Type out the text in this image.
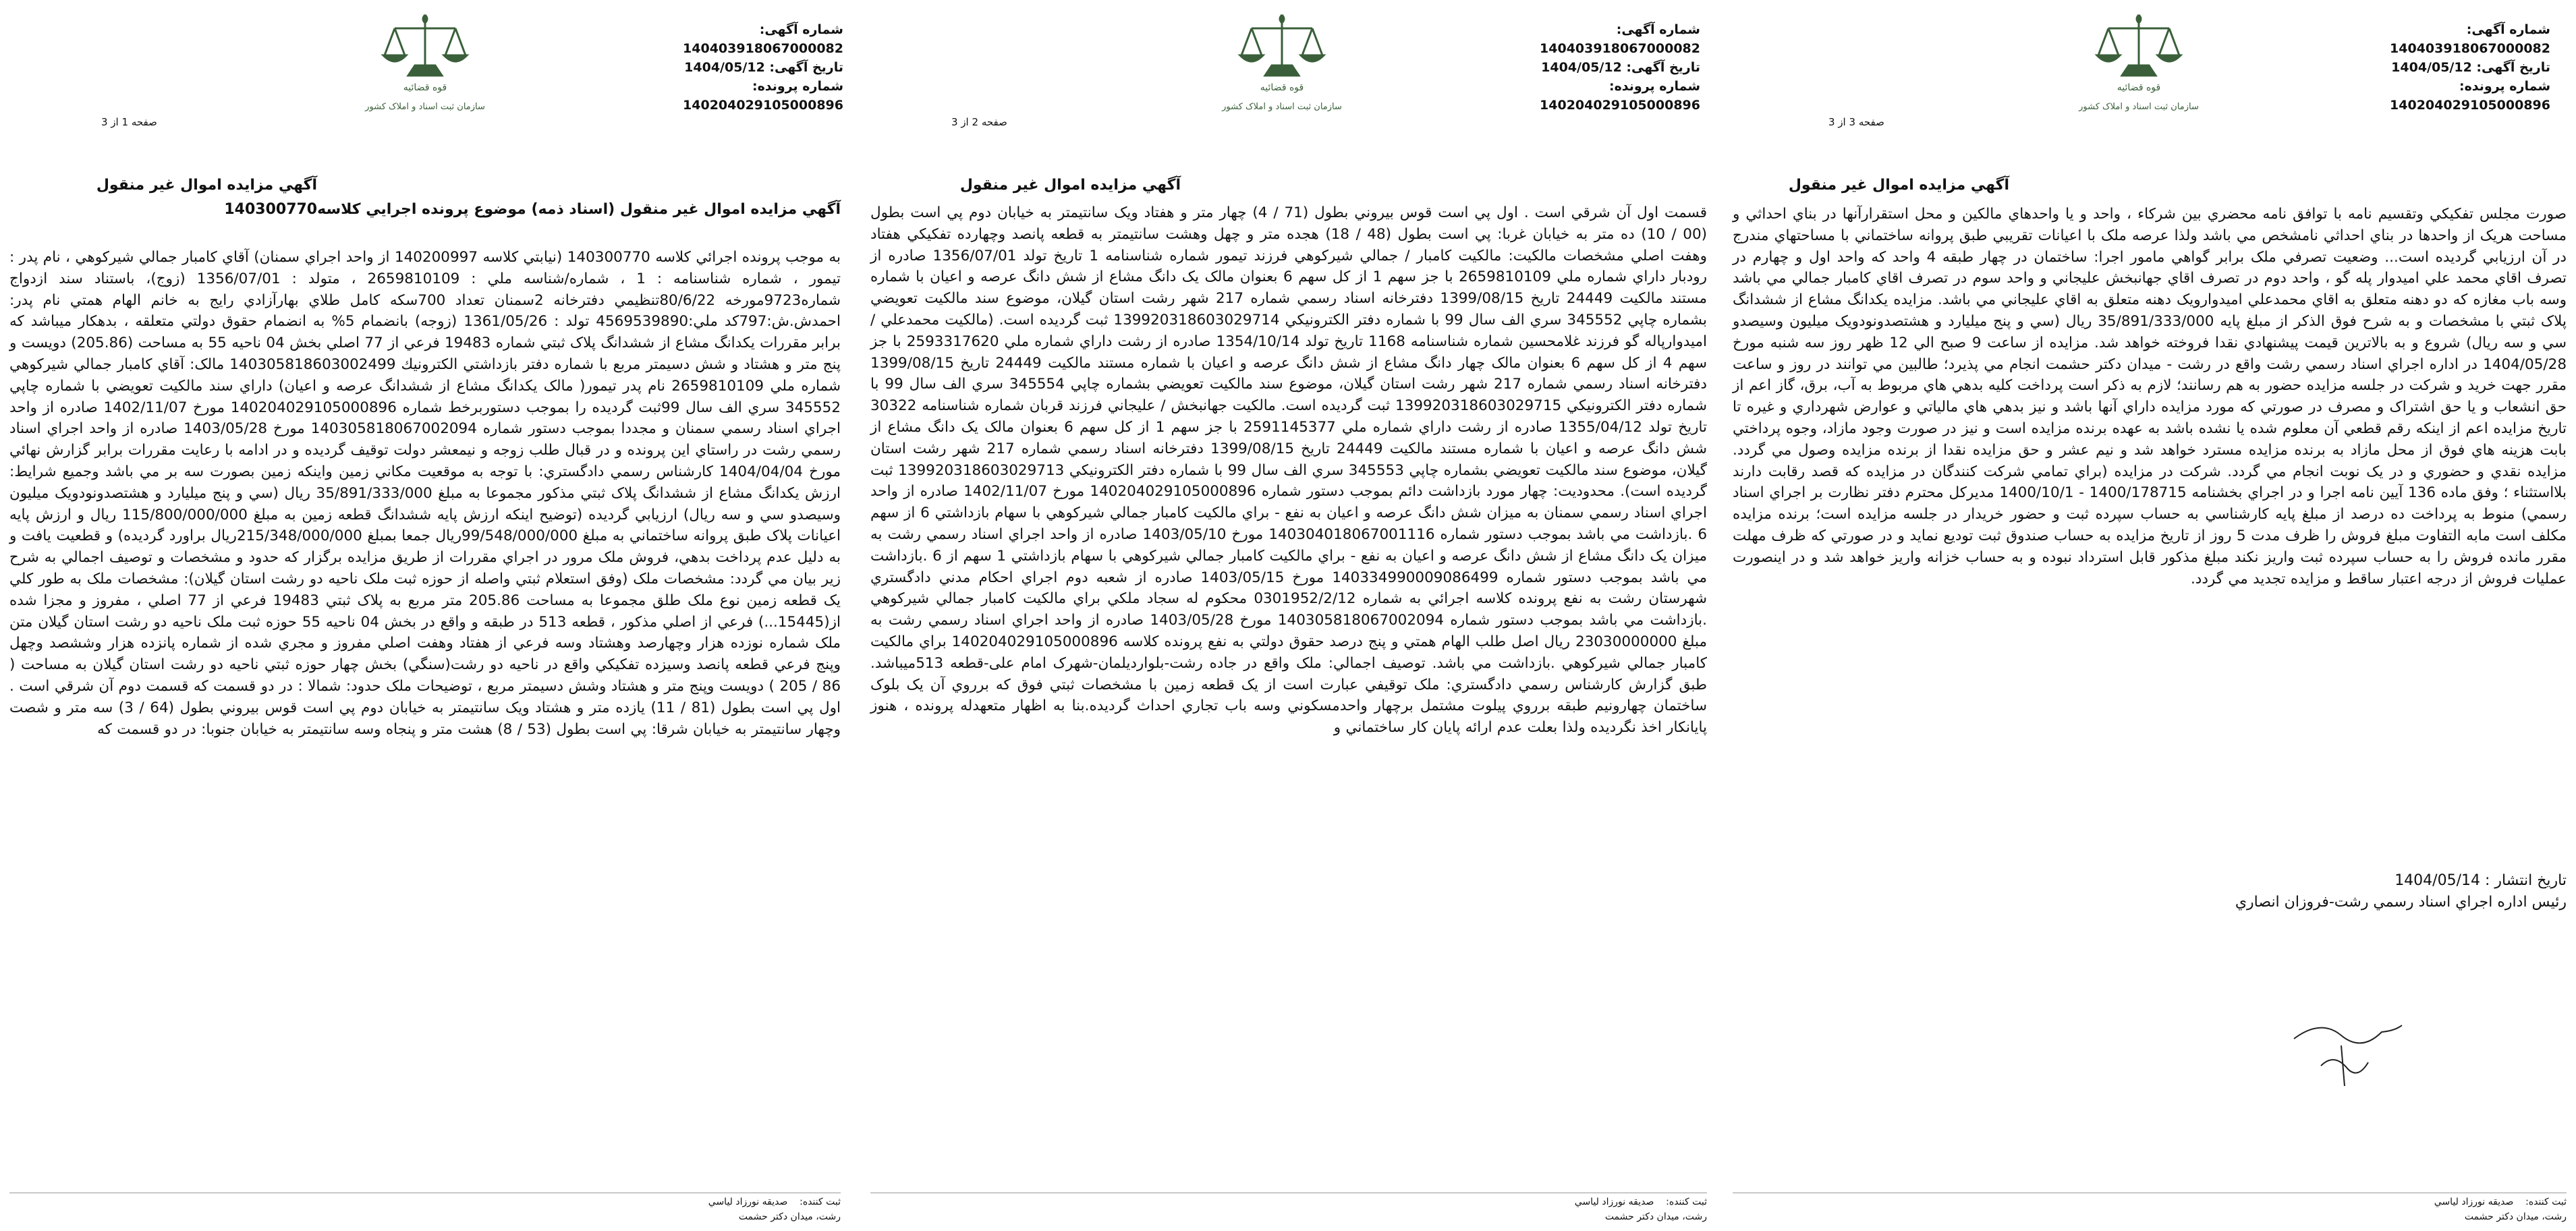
شماره آگهی: 140403918067000082
تاریخ آگهی: 1404/05/12
شماره پرونده: 140204029105000896
قوه قضائيه
سازمان ثبت اسناد و املاک کشور
صفحه 1 از 3
آگهي مزايده اموال غير منقول
آگهي مزايده اموال غير منقول (اسناد ذمه) موضوع پرونده اجرايي كلاسه140300770
به موجب پرونده اجرائي كلاسه 140300770 (نيابتي كلاسه 140200997 از واحد اجراي سمنان) آقاي كامبار جمالي شيركوهي ، نام پدر : تيمور ، شماره شناسنامه : 1 ، شماره/شناسه ملي : 2659810109 ، متولد : 1356/07/01 (زوج)، باستناد سند ازدواج شماره9723مورخه 80/6/22تنظيمي دفترخانه 2سمنان تعداد 700سكه كامل طلاي بهارآزادي رايج به خانم الهام همتي نام پدر: احمدش.ش:797كد ملي:4569539890 تولد : 1361/05/26 (زوجه) بانضمام 5% به انضمام حقوق دولتي متعلقه ، بدهكار ميباشد كه برابر مقررات يكدانگ مشاع از ششدانگ پلاک ثبتي شماره 19483 فرعي از 77 اصلي بخش 04 ناحيه 55 به مساحت (205.86) دويست و پنج متر و هشتاد و شش دسيمتر مربع با شماره دفتر بازداشتي الكترونيك 140305818603002499 مالک: آقاي كامبار جمالي شيركوهي شماره ملي 2659810109 نام پدر تيمور( مالک يكدانگ مشاع از ششدانگ عرصه و اعيان) داراي سند مالكيت تعويضي با شماره چاپي 345552 سري الف سال 99ثبت گرديده را بموجب دستوربرخط شماره 140204029105000896 مورخ 1402/11/07 صادره از واحد اجراي اسناد رسمي سمنان و مجددا بموجب دستور شماره 140305818067002094 مورخ 1403/05/28 صادره از واحد اجراي اسناد رسمي رشت در راستاي اين پرونده و در قبال طلب زوجه و نيمعشر دولت توقيف گرديده و در ادامه با رعايت مقررات برابر گزارش نهائي مورخ 1404/04/04 كارشناس رسمي دادگستري: با توجه به موقعيت مكاني زمين واينكه زمين بصورت سه بر مي باشد وجميع شرايط: ارزش يكدانگ مشاع از ششدانگ پلاک ثبتي مذكور مجموعا به مبلغ 35/891/333/000 ريال (سي و پنج ميليارد و هشتصدونودويک ميليون وسيصدو سي و سه ريال) ارزيابي گرديده (توضيح اينكه ارزش پايه ششدانگ قطعه زمين به مبلغ 115/800/000/000 ريال و ارزش پايه اعيانات پلاک طبق پروانه ساختماني به مبلغ 99/548/000/000ريال جمعا بمبلغ 215/348/000/000ريال براورد گرديده) و قطعيت يافت و به دليل عدم پرداخت بدهي، فروش ملک مرور در اجراي مقررات از طريق مزايده برگزار كه حدود و مشخصات و توصيف اجمالي به شرح زير بيان مي گردد: مشخصات ملک (وفق استعلام ثبتي واصله از حوزه ثبت ملک ناحيه دو رشت استان گيلان): مشخصات ملک به طور كلي يک قطعه زمين نوع ملک طلق مجموعا به مساحت 205.86 متر مربع به پلاک ثبتي 19483 فرعي از 77 اصلي ، مفروز و مجزا شده از(15445...) فرعي از اصلي مذكور ، قطعه 513 در طبقه و واقع در بخش 04 ناحيه 55 حوزه ثبت ملک ناحيه دو رشت استان گيلان متن ملک شماره نوزده هزار وچهارصد وهشتاد وسه فرعي از هفتاد وهفت اصلي مفروز و مجري شده از شماره پانزده هزار وششصد وچهل وپنج فرعي قطعه پانصد وسيزده تفكيكي واقع در ناحيه دو رشت(سنگي) بخش چهار حوزه ثبتي ناحيه دو رشت استان گيلان به مساحت ( 86 / 205 ) دويست وپنج متر و هشتاد وشش دسيمتر مربع ، توضيحات ملک حدود: شمالا : در دو قسمت كه قسمت دوم آن شرقي است . اول پي است بطول (81 / 11) يازده متر و هشتاد ويک سانتيمتر به خيابان دوم پي است قوس بيروني بطول (64 / 3) سه متر و شصت وچهار سانتيمتر به خيابان شرقا: پي است بطول (53 / 8) هشت متر و پنجاه وسه سانتيمتر به خيابان جنوبا: در دو قسمت كه
ثبت كننده:    صديقه نورزاد لياسي
رشت، ميدان دكتر حشمت
شماره آگهی: 140403918067000082
تاریخ آگهی: 1404/05/12
شماره پرونده: 140204029105000896
قوه قضائيه
سازمان ثبت اسناد و املاک کشور
صفحه 2 از 3
آگهي مزايده اموال غير منقول
قسمت اول آن شرقي است . اول پي است قوس بيروني بطول (71 / 4) چهار متر و هفتاد ويک سانتيمتر به خيابان دوم پي است بطول (00 / 10) ده متر به خيابان غربا: پي است بطول (48 / 18) هجده متر و چهل وهشت سانتيمتر به قطعه پانصد وچهارده تفكيكي هفتاد وهفت اصلي مشخصات مالكيت: مالكيت كامبار / جمالي شيركوهي فرزند تيمور شماره شناسنامه 1 تاريخ تولد 1356/07/01 صادره از رودبار داراي شماره ملي 2659810109 با جز سهم 1 از کل سهم 6 بعنوان مالک يک دانگ مشاع از شش دانگ عرصه و اعيان با شماره مستند مالكيت 24449 تاريخ 1399/08/15 دفترخانه اسناد رسمي شماره 217 شهر رشت استان گيلان، موضوع سند مالكيت تعويضي بشماره چاپي 345552 سري الف سال 99 با شماره دفتر الكترونيكي 139920318603029714 ثبت گرديده است. (مالكيت محمدعلي / اميدوارپاله گو فرزند غلامحسين شماره شناسنامه 1168 تاريخ تولد 1354/10/14 صادره از رشت داراي شماره ملي 2593317620 با جز سهم 4 از کل سهم 6 بعنوان مالک چهار دانگ مشاع از شش دانگ عرصه و اعيان با شماره مستند مالكيت 24449 تاريخ 1399/08/15 دفترخانه اسناد رسمي شماره 217 شهر رشت استان گيلان، موضوع سند مالكيت تعويضي بشماره چاپي 345554 سري الف سال 99 با شماره دفتر الكترونيكي 139920318603029715 ثبت گرديده است. مالكيت جهانبخش / عليجاني فرزند قربان شماره شناسنامه 30322 تاريخ تولد 1355/04/12 صادره از رشت داراي شماره ملي 2591145377 با جز سهم 1 از کل سهم 6 بعنوان مالک يک دانگ مشاع از شش دانگ عرصه و اعيان با شماره مستند مالكيت 24449 تاريخ 1399/08/15 دفترخانه اسناد رسمي شماره 217 شهر رشت استان گيلان، موضوع سند مالكيت تعويضي بشماره چاپي 345553 سري الف سال 99 با شماره دفتر الكترونيكي 139920318603029713 ثبت گرديده است). محدوديت: چهار مورد بازداشت دائم بموجب دستور شماره 140204029105000896 مورخ 1402/11/07 صادره از واحد اجراي اسناد رسمي سمنان به ميزان شش دانگ عرصه و اعيان به نفع - براي مالكيت كامبار جمالي شيركوهي با سهام بازداشتي 6 از سهم 6 .بازداشت مي باشد بموجب دستور شماره 140304018067001116 مورخ 1403/05/10 صادره از واحد اجراي اسناد رسمي رشت به ميزان يک دانگ مشاع از شش دانگ عرصه و اعيان به نفع - براي مالكيت كامبار جمالي شيركوهي با سهام بازداشتي 1 سهم از 6 .بازداشت مي باشد بموجب دستور شماره 140334990009086499 مورخ 1403/05/15 صادره از شعبه دوم اجراي احكام مدني دادگستري شهرستان رشت به نفع پرونده كلاسه اجرائي به شماره 0301952/2/12 محكوم له سجاد ملكي براي مالكيت كامبار جمالي شيركوهي .بازداشت مي باشد بموجب دستور شماره 140305818067002094 مورخ 1403/05/28 صادره از واحد اجراي اسناد رسمي رشت به مبلغ 23030000000 ريال اصل طلب الهام همتي و پنج درصد حقوق دولتي به نفع پرونده كلاسه 140204029105000896 براي مالكيت كامبار جمالي شيركوهي .بازداشت مي باشد. توصيف اجمالي: ملک واقع در جاده رشت-بلواردیلمان-شهرک امام علی-قطعه 513میباشد. طبق گزارش كارشناس رسمي دادگستري: ملک توقيفي عبارت است از يک قطعه زمين با مشخصات ثبتي فوق كه برروي آن يک بلوک ساختمان چهارونيم طبقه برروي پيلوت مشتمل برچهار واحدمسكوني وسه باب تجاري احداث گرديده.بنا به اظهار متعهدله پرونده ، هنوز پايانكار اخذ نگرديده ولذا بعلت عدم ارائه پايان كار ساختماني و
ثبت كننده:    صديقه نورزاد لياسي
رشت، ميدان دكتر حشمت
شماره آگهی: 140403918067000082
تاریخ آگهی: 1404/05/12
شماره پرونده: 140204029105000896
قوه قضائيه
سازمان ثبت اسناد و املاک کشور
صفحه 3 از 3
آگهي مزايده اموال غير منقول
صورت مجلس تفكيكي وتقسيم نامه با توافق نامه محضري بين شركاء ، واحد و يا واحدهاي مالكين و محل استقرارآنها در بناي احداثي و مساحت هريک از واحدها در بناي احداثي نامشخص مي باشد ولذا عرصه ملک با اعيانات تقريبي طبق پروانه ساختماني با مساحتهاي مندرج در آن ارزيابي گرديده است... وضعيت تصرفي ملک برابر گواهي مامور اجرا: ساختمان در چهار طبقه 4 واحد كه واحد اول و چهارم در تصرف اقاي محمد علي اميدوار پله گو ، واحد دوم در تصرف اقاي جهانبخش عليجاني و واحد سوم در تصرف اقاي كامبار جمالي مي باشد وسه باب مغازه كه دو دهنه متعلق به اقاي محمدعلي اميدوارويک دهنه متعلق به اقاي عليجاني مي باشد. مزايده يكدانگ مشاع از ششدانگ پلاک ثبتي با مشخصات و به شرح فوق الذكر از مبلغ پايه 35/891/333/000 ريال (سي و پنج ميليارد و هشتصدونودويک ميليون وسيصدو سي و سه ريال) شروع و به بالاترين قيمت پيشنهادي نقدا فروخته خواهد شد. مزايده از ساعت 9 صبح الي 12 ظهر روز سه شنبه مورخ 1404/05/28 در اداره اجراي اسناد رسمي رشت واقع در رشت - ميدان دكتر حشمت انجام مي پذيرد؛ طالبين مي توانند در روز و ساعت مقرر جهت خريد و شركت در جلسه مزايده حضور به هم رسانند؛ لازم به ذكر است پرداخت كليه بدهي هاي مربوط به آب، برق، گاز اعم از حق انشعاب و يا حق اشتراک و مصرف در صورتي كه مورد مزايده داراي آنها باشد و نيز بدهي هاي مالياتي و عوارض شهرداري و غيره تا تاريخ مزايده اعم از اينكه رقم قطعي آن معلوم شده يا نشده باشد به عهده برنده مزايده است و نيز در صورت وجود مازاد، وجوه پرداختي بابت هزينه هاي فوق از محل مازاد به برنده مزايده مسترد خواهد شد و نيم عشر و حق مزايده نقدا از برنده مزايده وصول مي گردد. مزايده نقدي و حضوري و در يک نوبت انجام مي گردد. شركت در مزايده (براي تمامي شركت كنندگان در مزايده كه قصد رقابت دارند بلااستثناء ؛ وفق ماده 136 آيين نامه اجرا و در اجراي بخشنامه 1400/178715 - 1400/10/1 مديركل محترم دفتر نظارت بر اجراي اسناد رسمي) منوط به پرداخت ده درصد از مبلغ پايه كارشناسي به حساب سپرده ثبت و حضور خريدار در جلسه مزايده است؛ برنده مزايده مكلف است مابه التفاوت مبلغ فروش را ظرف مدت 5 روز از تاريخ مزايده به حساب صندوق ثبت توديع نمايد و در صورتي كه ظرف مهلت مقرر مانده فروش را به حساب سپرده ثبت واريز نكند مبلغ مذكور قابل استرداد نبوده و به حساب خزانه واريز خواهد شد و در اينصورت عمليات فروش از درجه اعتبار ساقط و مزايده تجديد مي گردد.
تاريخ انتشار : 1404/05/14
رئيس اداره اجراي اسناد رسمي رشت-فروزان انصاري
ثبت كننده:    صديقه نورزاد لياسي
رشت، ميدان دكتر حشمت
